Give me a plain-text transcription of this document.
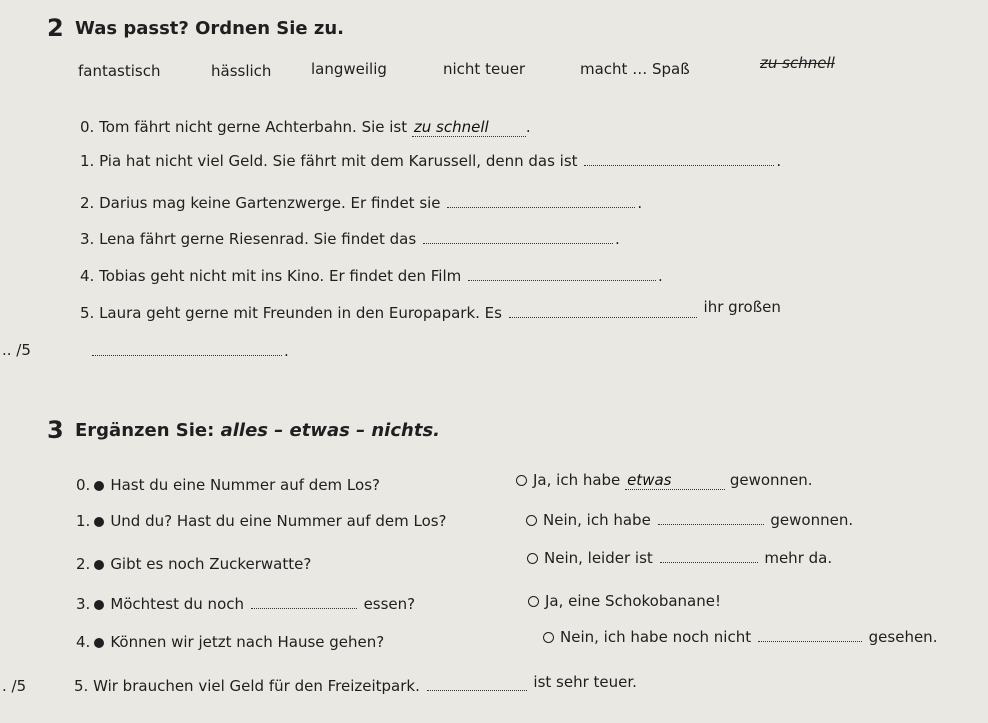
2 Was passt? Ordnen Sie zu.
fantastisch	hässlich	langweilig	nicht teuer	macht … Spaß	zu schnell
0. Tom fährt nicht gerne Achterbahn. Sie ist zu schnell .
1. Pia hat nicht viel Geld. Sie fährt mit dem Karussell, denn das ist	.
2. Darius mag keine Gartenzwerge. Er findet sie	.
3. Lena fährt gerne Riesenrad. Sie findet das	.
4. Tobias geht nicht mit ins Kino. Er findet den Film	.
5. Laura geht gerne mit Freunden in den Europapark. Es	ihr großen
.. /5	.
3 Ergänzen Sie: alles – etwas – nichts.
0. Hast du eine Nummer auf dem Los?	Ja, ich habe etwas	gewonnen.
1. Und du? Hast du eine Nummer auf dem Los?	Nein, ich habe	gewonnen.
2. Gibt es noch Zuckerwatte?	Nein, leider ist	mehr da.
3. Möchtest du noch	essen?	Ja, eine Schokobanane!
4. Können wir jetzt nach Hause gehen?	Nein, ich habe noch nicht	gesehen.
. /5	5. Wir brauchen viel Geld für den Freizeitpark.	ist sehr teuer.
